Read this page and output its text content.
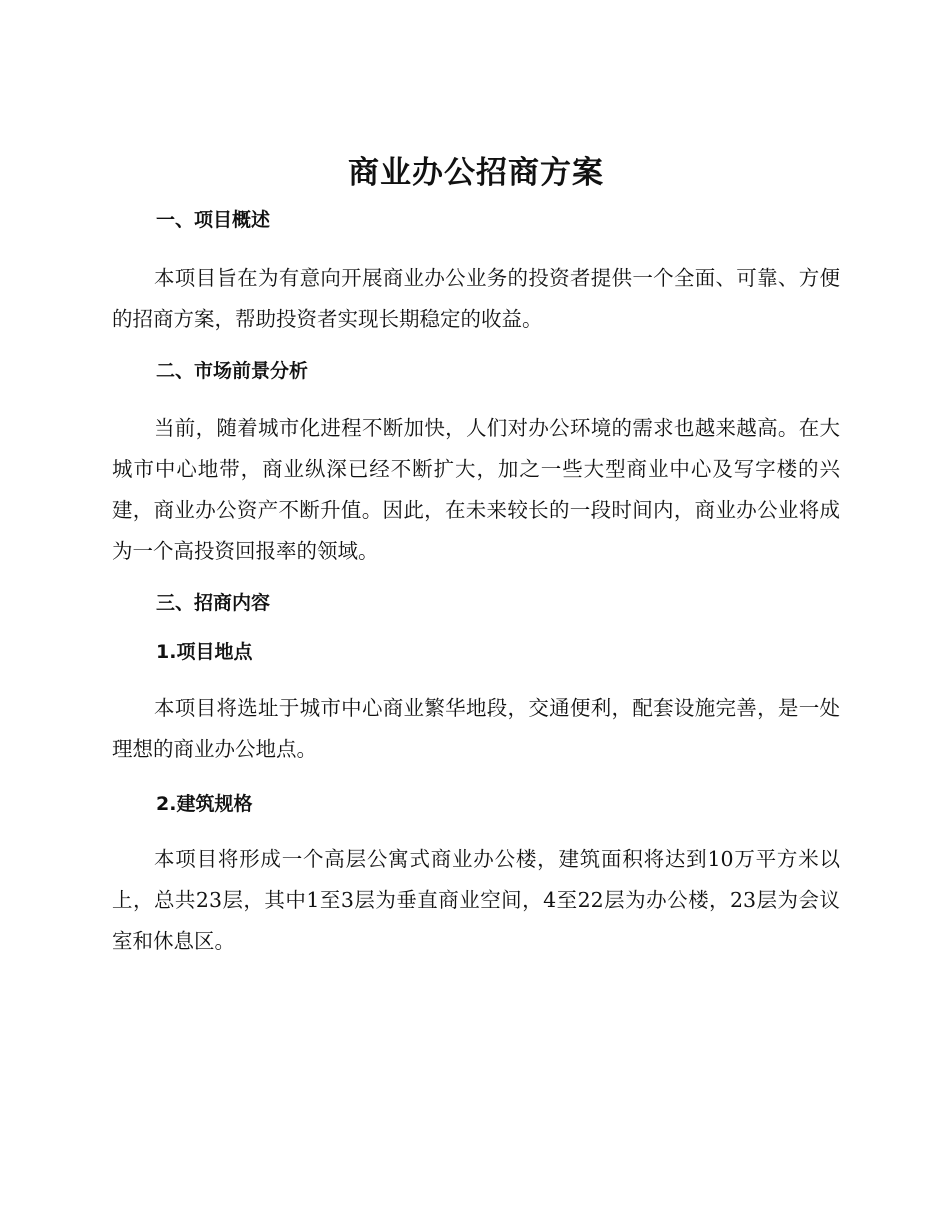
商业办公招商方案
一、项目概述

本项目旨在为有意向开展商业办公业务的投资者提供一个全面、可靠、方便的招商方案，帮助投资者实现长期稳定的收益。

二、市场前景分析

当前，随着城市化进程不断加快，人们对办公环境的需求也越来越高。在大城市中心地带，商业纵深已经不断扩大，加之一些大型商业中心及写字楼的兴建，商业办公资产不断升值。因此，在未来较长的一段时间内，商业办公业将成为一个高投资回报率的领域。

三、招商内容
1.项目地点

本项目将选址于城市中心商业繁华地段，交通便利，配套设施完善，是一处理想的商业办公地点。

2.建筑规格

本项目将形成一个高层公寓式商业办公楼，建筑面积将达到10万平方米以上，总共23层，其中1至3层为垂直商业空间，4至22层为办公楼，23层为会议室和休息区。
